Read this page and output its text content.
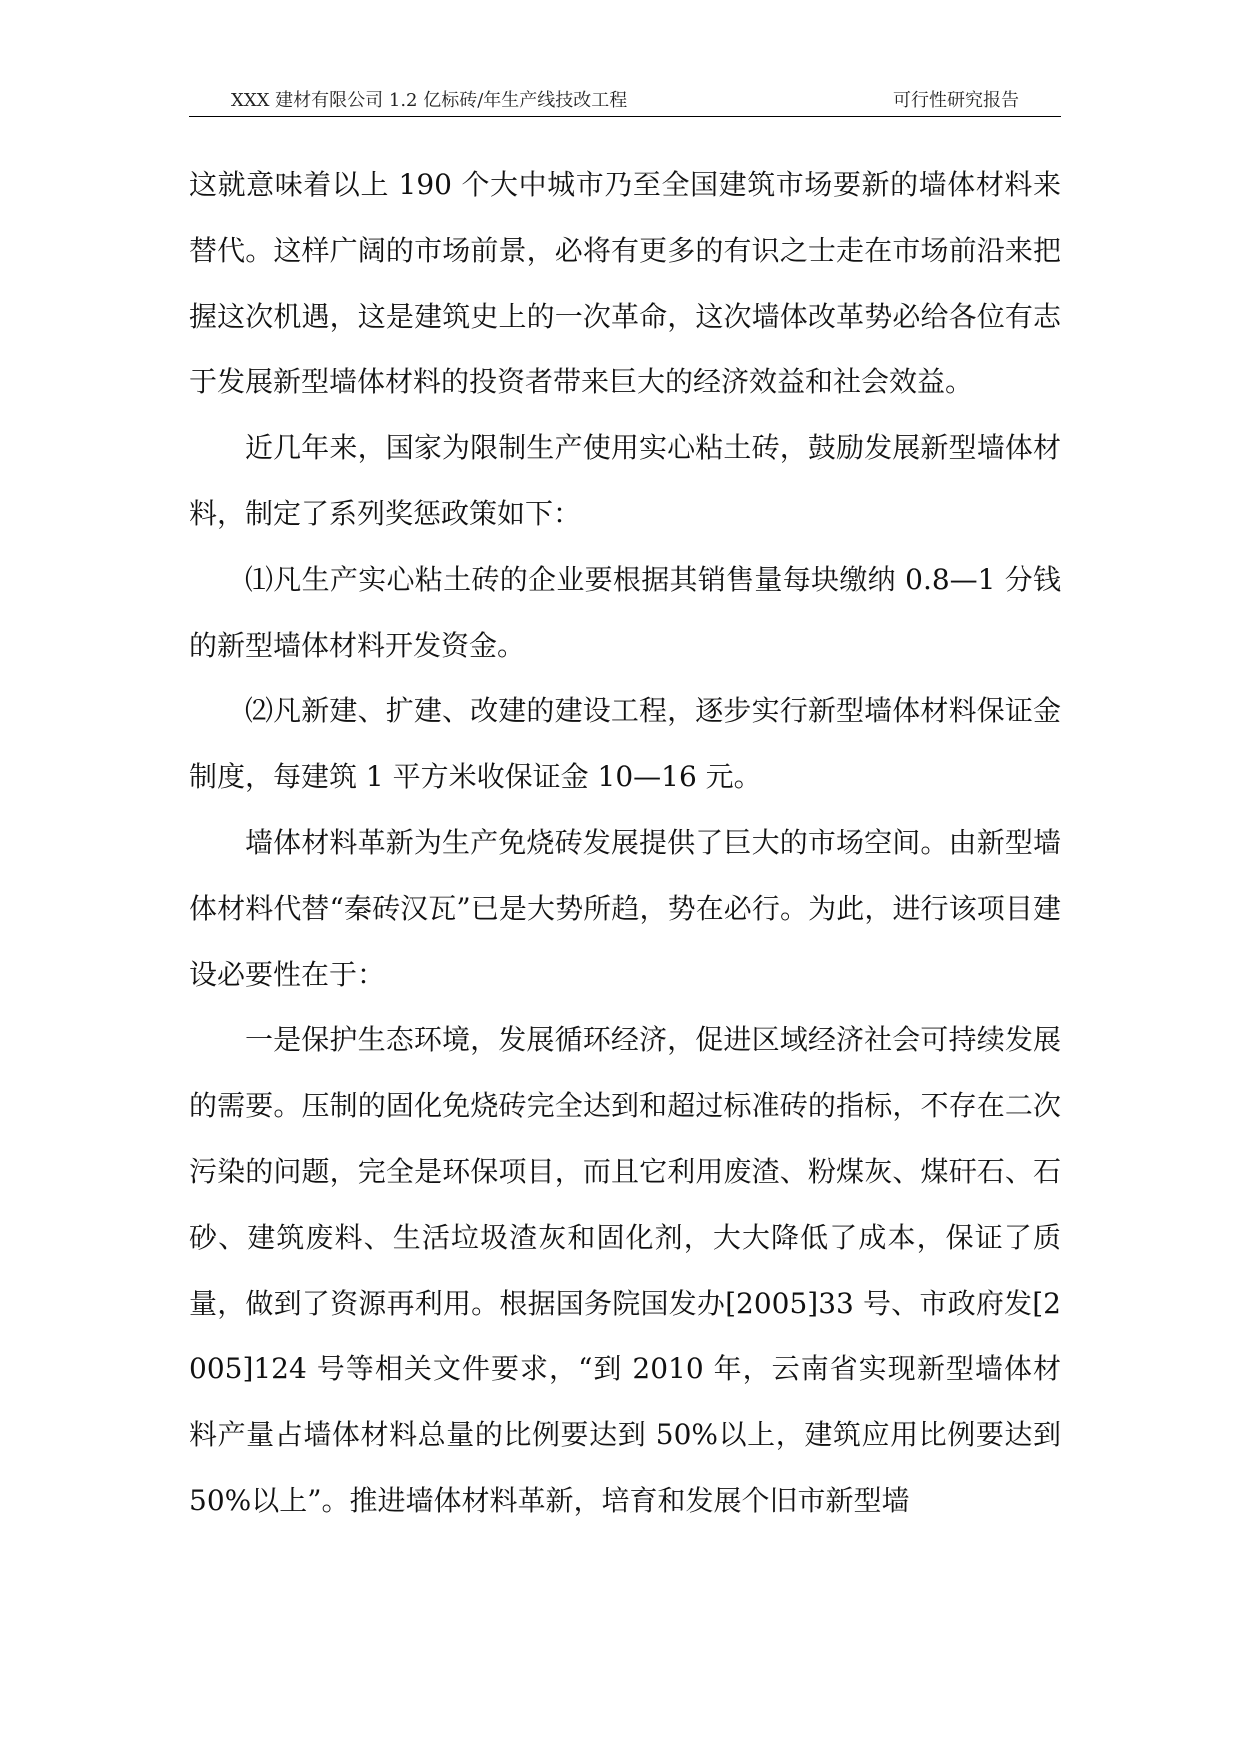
XXX 建材有限公司 1.2 亿标砖/年生产线技改工程	可行性研究报告

这就意味着以上 190 个大中城市乃至全国建筑市场要新的墙体材料来替代。这样广阔的市场前景，必将有更多的有识之士走在市场前沿来把握这次机遇，这是建筑史上的一次革命，这次墙体改革势必给各位有志于发展新型墙体材料的投资者带来巨大的经济效益和社会效益。

近几年来，国家为限制生产使用实心粘土砖，鼓励发展新型墙体材料，制定了系列奖惩政策如下：

⑴凡生产实心粘土砖的企业要根据其销售量每块缴纳 0.8—1 分钱的新型墙体材料开发资金。

⑵凡新建、扩建、改建的建设工程，逐步实行新型墙体材料保证金制度，每建筑 1 平方米收保证金 10—16 元。

墙体材料革新为生产免烧砖发展提供了巨大的市场空间。由新型墙体材料代替“秦砖汉瓦”已是大势所趋，势在必行。为此，进行该项目建设必要性在于：

一是保护生态环境，发展循环经济，促进区域经济社会可持续发展的需要。压制的固化免烧砖完全达到和超过标准砖的指标，不存在二次污染的问题，完全是环保项目，而且它利用废渣、粉煤灰、煤矸石、石砂、建筑废料、生活垃圾渣灰和固化剂，大大降低了成本，保证了质量，做到了资源再利用。根据国务院国发办[2005]33 号、市政府发[2005]124 号等相关文件要求，“到 2010 年，云南省实现新型墙体材料产量占墙体材料总量的比例要达到 50%以上，建筑应用比例要达到 50%以上”。推进墙体材料革新，培育和发展个旧市新型墙
